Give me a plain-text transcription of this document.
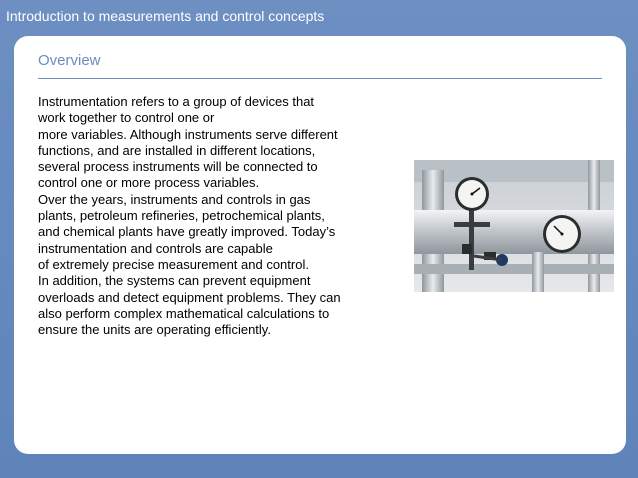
Introduction to measurements and control concepts
Overview
Instrumentation refers to a group of devices that
work together to control one or
more variables. Although instruments serve different
functions, and are installed in different locations,
several process instruments will be connected to
control one or more process variables.
Over the years, instruments and controls in gas
plants, petroleum refineries, petrochemical plants,
and chemical plants have greatly improved. Today’s
instrumentation and controls are capable
of extremely precise measurement and control.
In addition, the systems can prevent equipment
overloads and detect equipment problems. They can
also perform complex mathematical calculations to
ensure the units are operating efficiently.
